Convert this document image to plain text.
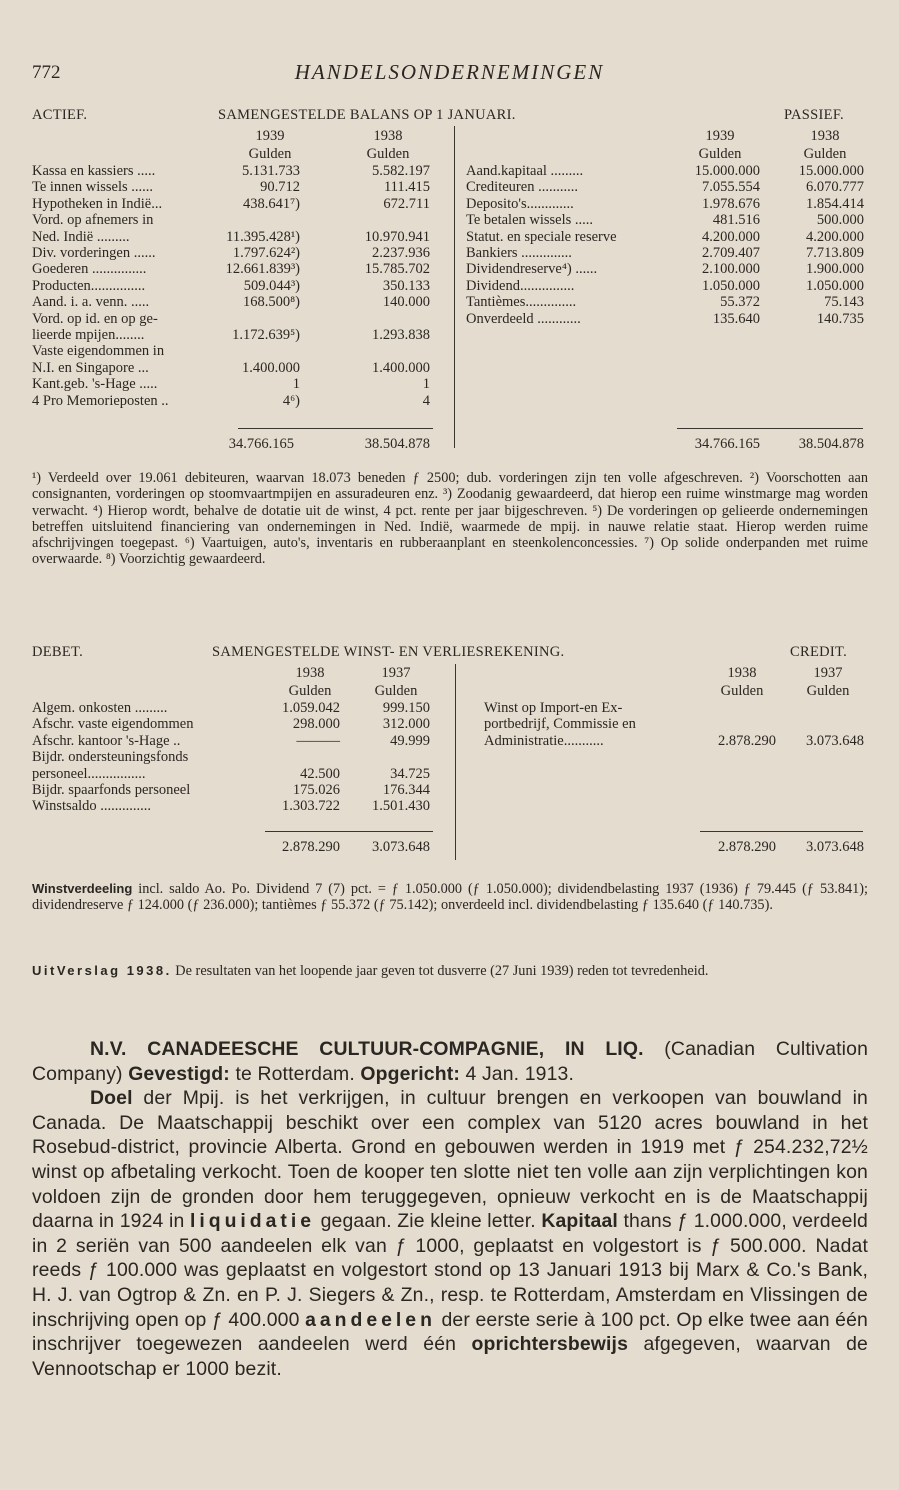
772	HANDELSONDERNEMINGEN
ACTIEF.	SAMENGESTELDE BALANS OP 1 JANUARI.	PASSIEF.
1939	1938
Gulden	Gulden
1939	1938
Gulden	Gulden
Kassa en kassiers .....	5.131.733	5.582.197
Te innen wissels ......	90.712	111.415
Hypotheken in Indië...	438.641⁷)	672.711
Vord. op afnemers in
Ned. Indië .........	11.395.428¹)	10.970.941
Div. vorderingen ......	1.797.624²)	2.237.936
Goederen ...............	12.661.839³)	15.785.702
Producten...............	509.044³)	350.133
Aand. i. a. venn. .....	168.500⁸)	140.000
Vord. op id. en op ge-
lieerde mpijen........	1.172.639⁵)	1.293.838
Vaste eigendommen in
N.I. en Singapore ...	1.400.000	1.400.000
Kant.geb. 's-Hage .....	1	1
4 Pro Memorieposten ..	4⁶)	4
Aand.kapitaal .........	15.000.000	15.000.000
Crediteuren ...........	7.055.554	6.070.777
Deposito's.............	1.978.676	1.854.414
Te betalen wissels .....	481.516	500.000
Statut. en speciale reserve	4.200.000	4.200.000
Bankiers ..............	2.709.407	7.713.809
Dividendreserve⁴) ......	2.100.000	1.900.000
Dividend...............	1.050.000	1.050.000
Tantièmes..............	55.372	75.143
Onverdeeld ............	135.640	140.735
34.766.165	38.504.878	34.766.165	38.504.878
¹) Verdeeld over 19.061 debiteuren, waarvan 18.073 beneden ƒ 2500; dub. vorderingen zijn ten volle afgeschreven. ²) Voorschotten aan consignanten, vorderingen op stoomvaartmpijen en assuradeuren enz. ³) Zoodanig gewaardeerd, dat hierop een ruime winstmarge mag worden verwacht. ⁴) Hierop wordt, behalve de dotatie uit de winst, 4 pct. rente per jaar bijgeschreven. ⁵) De vorderingen op gelieerde ondernemingen betreffen uitsluitend financiering van ondernemingen in Ned. Indië, waarmede de mpij. in nauwe relatie staat. Hierop werden ruime afschrijvingen toegepast. ⁶) Vaartuigen, auto's, inventaris en rubberaanplant en steenkolenconcessies. ⁷) Op solide onderpanden met ruime overwaarde. ⁸) Voorzichtig gewaardeerd.
DEBET.	SAMENGESTELDE WINST- EN VERLIESREKENING.	CREDIT.
1938	1937
Gulden	Gulden
1938	1937
Gulden	Gulden
Algem. onkosten .........	1.059.042	999.150
Afschr. vaste eigendommen	298.000	312.000
Afschr. kantoor 's-Hage ..	———	49.999
Bijdr. ondersteuningsfonds
personeel................	42.500	34.725
Bijdr. spaarfonds personeel	175.026	176.344
Winstsaldo ..............	1.303.722	1.501.430
Winst op Import-en Ex-
portbedrijf, Commissie en
Administratie...........	2.878.290	3.073.648
2.878.290	3.073.648	2.878.290	3.073.648
Winstverdeeling incl. saldo Ao. Po. Dividend 7 (7) pct. = ƒ 1.050.000 (ƒ 1.050.000); dividendbelasting 1937 (1936) ƒ 79.445 (ƒ 53.841); dividendreserve ƒ 124.000 (ƒ 236.000); tantièmes ƒ 55.372 (ƒ 75.142); onverdeeld incl. dividendbelasting ƒ 135.640 (ƒ 140.735).
UitVerslag 1938. De resultaten van het loopende jaar geven tot dusverre (27 Juni 1939) reden tot tevredenheid.
N.V. CANADEESCHE CULTUUR-COMPAGNIE, IN LIQ. (Canadian Cultivation Company) Gevestigd: te Rotterdam. Opgericht: 4 Jan. 1913.
Doel der Mpij. is het verkrijgen, in cultuur brengen en verkoopen van bouwland in Canada. De Maatschappij beschikt over een complex van 5120 acres bouwland in het Rosebud-district, provincie Alberta. Grond en gebouwen werden in 1919 met ƒ 254.232,72½ winst op afbetaling verkocht. Toen de kooper ten slotte niet ten volle aan zijn verplichtingen kon voldoen zijn de gronden door hem teruggegeven, opnieuw verkocht en is de Maatschappij daarna in 1924 in liquidatie gegaan. Zie kleine letter. Kapitaal thans ƒ 1.000.000, verdeeld in 2 seriën van 500 aandeelen elk van ƒ 1000, geplaatst en volgestort is ƒ 500.000. Nadat reeds ƒ 100.000 was geplaatst en volgestort stond op 13 Januari 1913 bij Marx & Co.'s Bank, H. J. van Ogtrop & Zn. en P. J. Siegers & Zn., resp. te Rotterdam, Amsterdam en Vlissingen de inschrijving open op ƒ 400.000 aandeelen der eerste serie à 100 pct. Op elke twee aan één inschrijver toegewezen aandeelen werd één oprichtersbewijs afgegeven, waarvan de Vennootschap er 1000 bezit.
